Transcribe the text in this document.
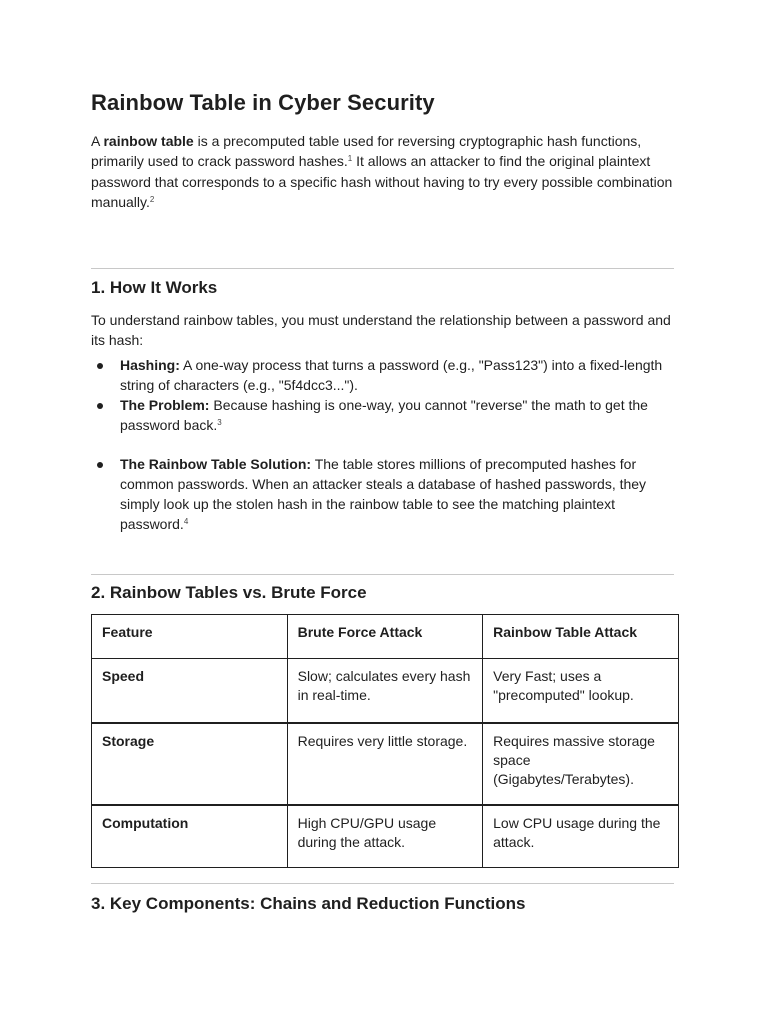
Rainbow Table in Cyber Security

A rainbow table is a precomputed table used for reversing cryptographic hash functions, primarily used to crack password hashes.$^1$ It allows an attacker to find the original plaintext password that corresponds to a specific hash without having to try every possible combination manually.$^2$

1. How It Works

To understand rainbow tables, you must understand the relationship between a password and its hash:

Hashing: A one-way process that turns a password (e.g., "Pass123") into a fixed-length string of characters (e.g., "5f4dcc3...").
The Problem: Because hashing is one-way, you cannot "reverse" the math to get the password back.$^3$
The Rainbow Table Solution: The table stores millions of precomputed hashes for common passwords. When an attacker steals a database of hashed passwords, they simply look up the stolen hash in the rainbow table to see the matching plaintext password.$^4$
2. Rainbow Tables vs. Brute Force
Feature	Brute Force Attack	Rainbow Table Attack
Speed	Slow; calculates every hash in real-time.	Very Fast; uses a "precomputed" lookup.
Storage	Requires very little storage.	Requires massive storage space (Gigabytes/Terabytes).
Computation	High CPU/GPU usage during the attack.	Low CPU usage during the attack.
3. Key Components: Chains and Reduction Functions
